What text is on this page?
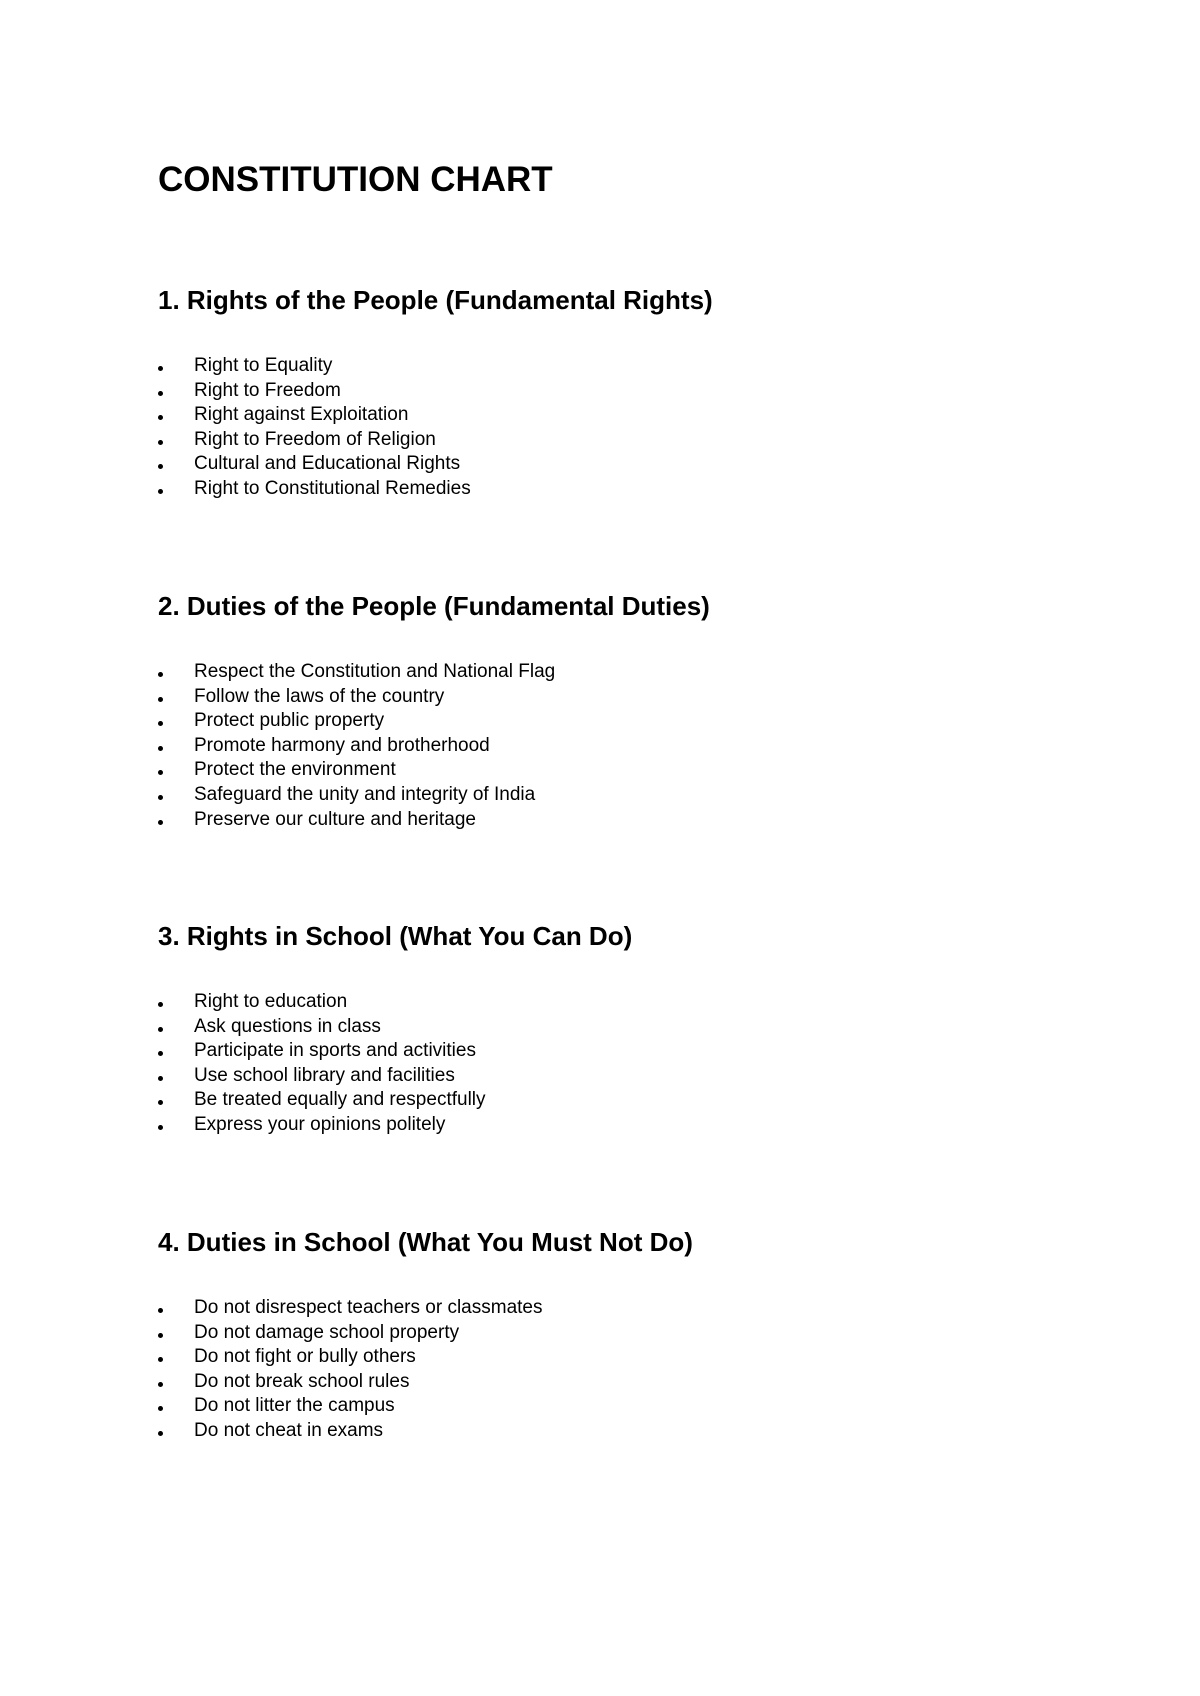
CONSTITUTION CHART
1. Rights of the People (Fundamental Rights)
Right to Equality
Right to Freedom
Right against Exploitation
Right to Freedom of Religion
Cultural and Educational Rights
Right to Constitutional Remedies
2. Duties of the People (Fundamental Duties)
Respect the Constitution and National Flag
Follow the laws of the country
Protect public property
Promote harmony and brotherhood
Protect the environment
Safeguard the unity and integrity of India
Preserve our culture and heritage
3. Rights in School (What You Can Do)
Right to education
Ask questions in class
Participate in sports and activities
Use school library and facilities
Be treated equally and respectfully
Express your opinions politely
4. Duties in School (What You Must Not Do)
Do not disrespect teachers or classmates
Do not damage school property
Do not fight or bully others
Do not break school rules
Do not litter the campus
Do not cheat in exams
